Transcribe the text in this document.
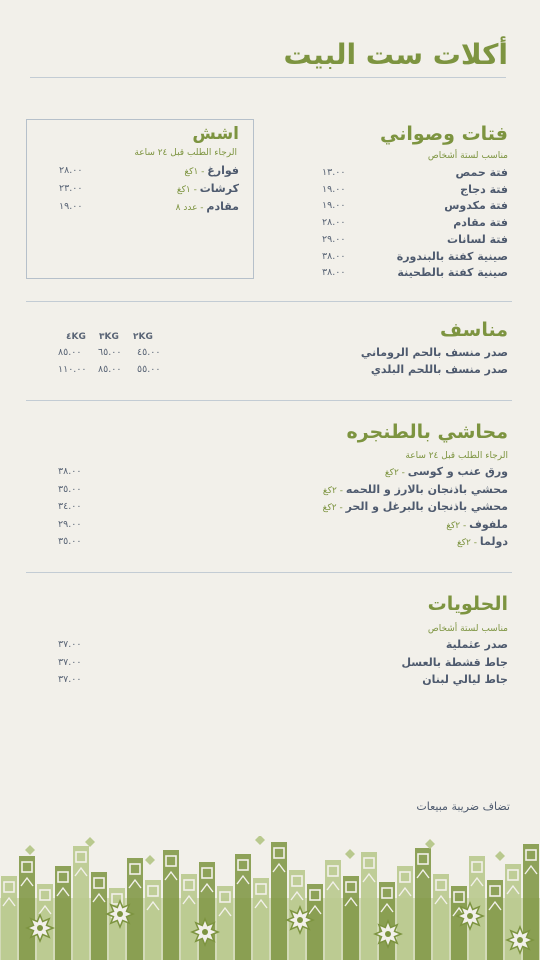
أكلات ست البيت
فتات وصواني
مناسب لستة أشخاص
فتة حمص
١٣.٠٠
فتة دجاج
١٩.٠٠
فتة مكدوس
١٩.٠٠
فتة مقادم
٢٨.٠٠
فتة لسانات
٢٩.٠٠
صينية كفتة بالبندورة
٣٨.٠٠
صينية كفتة بالطحينة
٣٨.٠٠
اشش
الرجاء الطلب قبل ٢٤ ساعة
فوارغ - ١كغ
٢٨.٠٠
كرشات - ١كغ
٢٣.٠٠
مقادم - عدد ٨
١٩.٠٠
مناسف
٢KG
٣KG
٤KG
صدر منسف بالحم الروماني
٤٥.٠٠
٦٥.٠٠
٨٥.٠٠
صدر منسف باللحم البلدي
٥٥.٠٠
٨٥.٠٠
١١٠.٠٠
محاشي بالطنجره
الرجاء الطلب قبل ٢٤ ساعة
ورق عنب و كوسى - ٢كغ
٣٨.٠٠
محشي باذنجان بالارز و اللحمه - ٢كغ
٣٥.٠٠
محشي باذنجان بالبرغل و الحر - ٢كغ
٣٤.٠٠
ملفوف - ٢كغ
٢٩.٠٠
دولما - ٢كغ
٣٥.٠٠
الحلويات
مناسب لستة أشخاص
صدر عثملية
٣٧.٠٠
جاط قشطة بالعسل
٣٧.٠٠
جاط ليالي لبنان
٣٧.٠٠
تضاف ضريبة مبيعات
